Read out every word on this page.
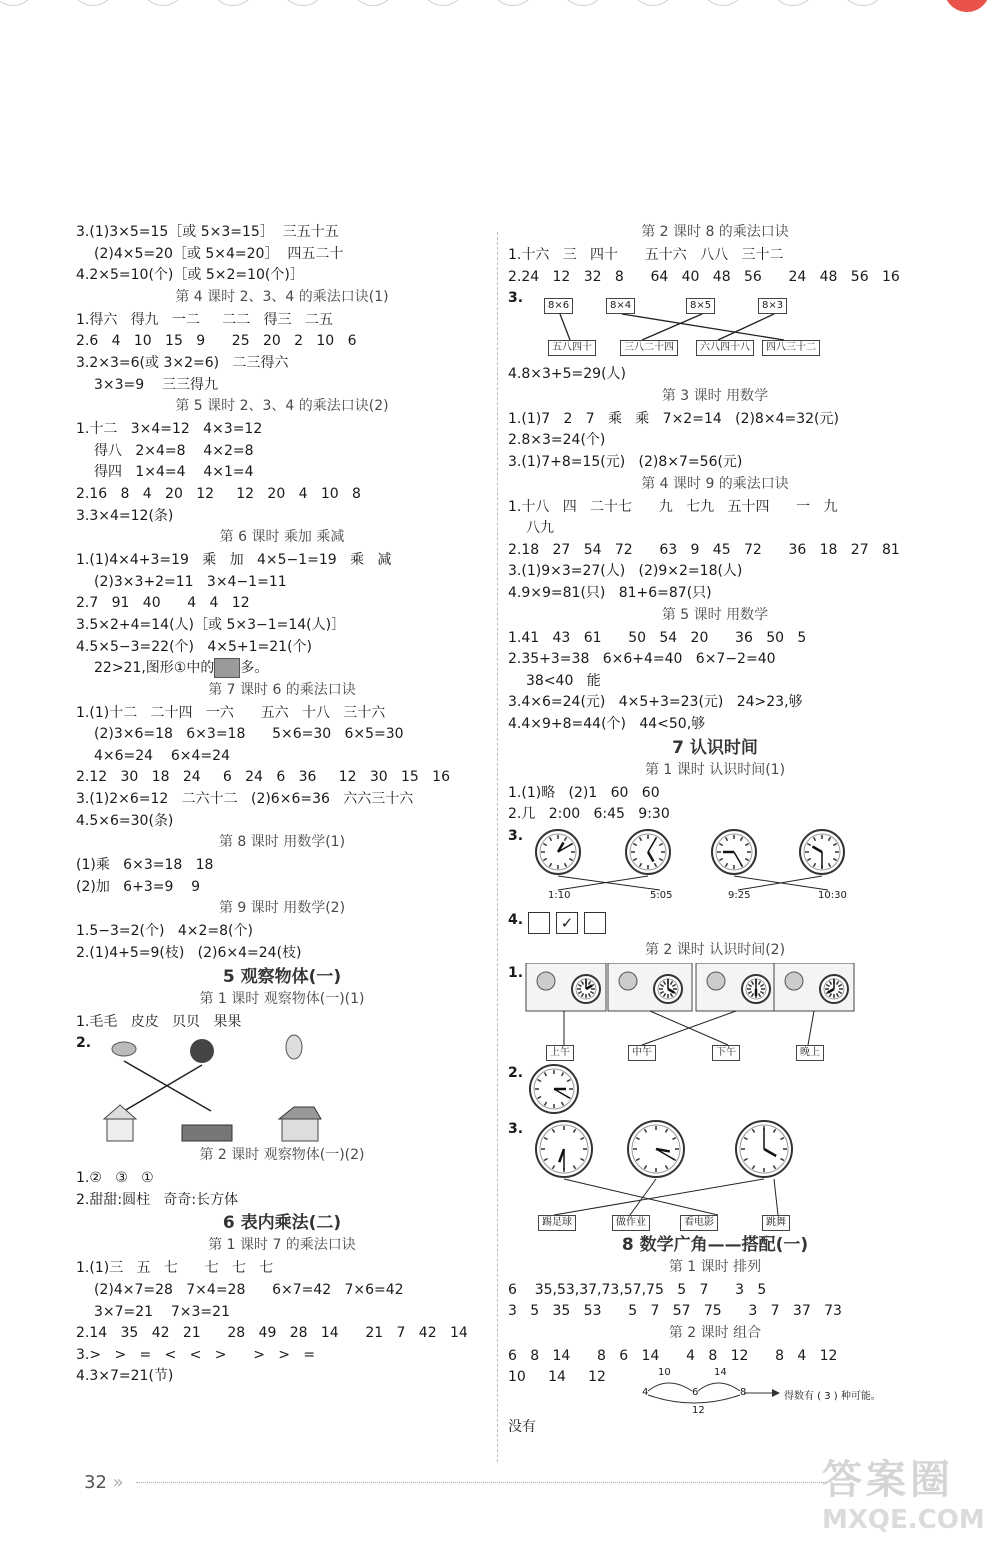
3.(1)3×5=15［或 5×3=15］  三五十五
(2)4×5=20［或 5×4=20］  四五二十
4.2×5=10(个)［或 5×2=10(个)］
第 4 课时 2、3、4 的乘法口诀(1)
1.得六   得九   一二     二二   得三   二五
2.6   4   10   15   9      25   20   2   10   6
3.2×3=6(或 3×2=6)   二三得六
3×3=9    三三得九
第 5 课时 2、3、4 的乘法口诀(2)
1.十二   3×4=12   4×3=12
得八   2×4=8    4×2=8
得四   1×4=4    4×1=4
2.16   8   4   20   12     12   20   4   10   8
3.3×4=12(条)
第 6 课时 乘加 乘减
1.(1)4×4+3=19   乘   加   4×5−1=19   乘   减
(2)3×3+2=11   3×4−1=11
2.7   91   40      4   4   12
3.5×2+4=14(人)［或 5×3−1=14(人)］
4.5×5−3=22(个)   4×5+1=21(个)
22>21,图形①中的 多。
第 7 课时 6 的乘法口诀
1.(1)十二   二十四   一六      五六   十八   三十六
(2)3×6=18   6×3=18      5×6=30   6×5=30
4×6=24    6×4=24
2.12   30   18   24     6   24   6   36     12   30   15   16
3.(1)2×6=12   二六十二   (2)6×6=36   六六三十六
4.5×6=30(条)
第 8 课时 用数学(1)
(1)乘   6×3=18   18
(2)加   6+3=9    9
第 9 课时 用数学(2)
1.5−3=2(个)   4×2=8(个)
2.(1)4+5=9(枝)   (2)6×4=24(枝)
5 观察物体(一)
第 1 课时 观察物体(一)(1)
1.毛毛   皮皮   贝贝   果果
2.
第 2 课时 观察物体(一)(2)
1.②   ③   ①
2.甜甜:圆柱   奇奇:长方体
6 表内乘法(二)
第 1 课时 7 的乘法口诀
1.(1)三   五   七      七   七   七
(2)4×7=28   7×4=28      6×7=42   7×6=42
3×7=21    7×3=21
2.14   35   42   21      28   49   28   14      21   7   42   14
3.>   >   =   <   <   >      >   >   =
4.3×7=21(节)
第 2 课时 8 的乘法口诀
1.十六   三   四十      五十六   八八   三十二
2.24   12   32   8      64   40   48   56      24   48   56   16
3.	8×6	8×4	8×5	8×3
五八四十	三八二十四	六八四十八	四八三十二
4.8×3+5=29(人)
第 3 课时 用数学
1.(1)7   2   7   乘   乘   7×2=14   (2)8×4=32(元)
2.8×3=24(个)
3.(1)7+8=15(元)   (2)8×7=56(元)
第 4 课时 9 的乘法口诀
1.十八   四   二十七      九   七九   五十四      一   九
八九
2.18   27   54   72      63   9   45   72      36   18   27   81
3.(1)9×3=27(人)   (2)9×2=18(人)
4.9×9=81(只)   81+6=87(只)
第 5 课时 用数学
1.41   43   61      50   54   20      36   50   5
2.35+3=38   6×6+4=40   6×7−2=40
38<40   能
3.4×6=24(元)   4×5+3=23(元)   24>23,够
4.4×9+8=44(个)   44<50,够
7 认识时间
第 1 课时 认识时间(1)
1.(1)略   (2)1   60   60
2.几   2:00   6:45   9:30
3.
1:10	5:05	9:25	10:30
4.	✓
第 2 课时 认识时间(2)
1.
上午	中午	下午	晚上
2.
3.
踢足球	做作业	看电影	跳舞
8 数学广角——搭配(一)
第 1 课时 排列
6    35,53,37,73,57,75   5   7      3   5
3   5   35   53      5   7   57   75      3   7   37   73
第 2 课时 组合
6   8   14      8   6   14      4   8   12      8   4   12
10     14     12	10	14
12
4	6	8	得数有 ( 3 ) 种可能。
没有
32 »	答案圈
MXQE.COM
